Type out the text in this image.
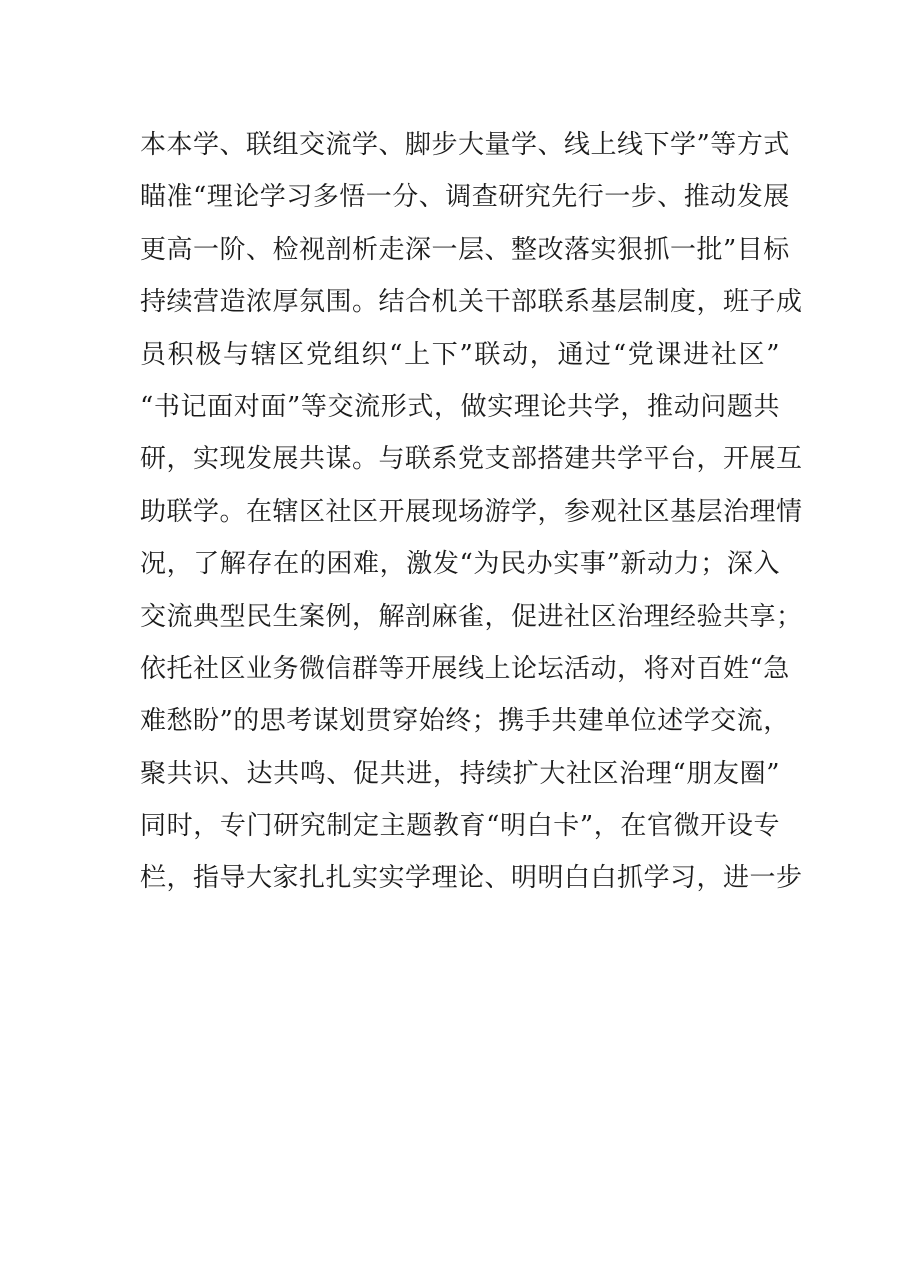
本本学、联组交流学、脚步大量学、线上线下学”等方式
瞄准“理论学习多悟一分、调查研究先行一步、推动发展
更高一阶、检视剖析走深一层、整改落实狠抓一批”目标
持续营造浓厚氛围。结合机关干部联系基层制度，班子成
员积极与辖区党组织“上下”联动，通过“党课进社区”
“书记面对面”等交流形式，做实理论共学，推动问题共
研，实现发展共谋。与联系党支部搭建共学平台，开展互
助联学。在辖区社区开展现场游学，参观社区基层治理情
况，了解存在的困难，激发“为民办实事”新动力；深入
交流典型民生案例，解剖麻雀，促进社区治理经验共享；
依托社区业务微信群等开展线上论坛活动，将对百姓“急
难愁盼”的思考谋划贯穿始终；携手共建单位述学交流，
聚共识、达共鸣、促共进，持续扩大社区治理“朋友圈”
同时，专门研究制定主题教育“明白卡”，在官微开设专
栏，指导大家扎扎实实学理论、明明白白抓学习，进一步
